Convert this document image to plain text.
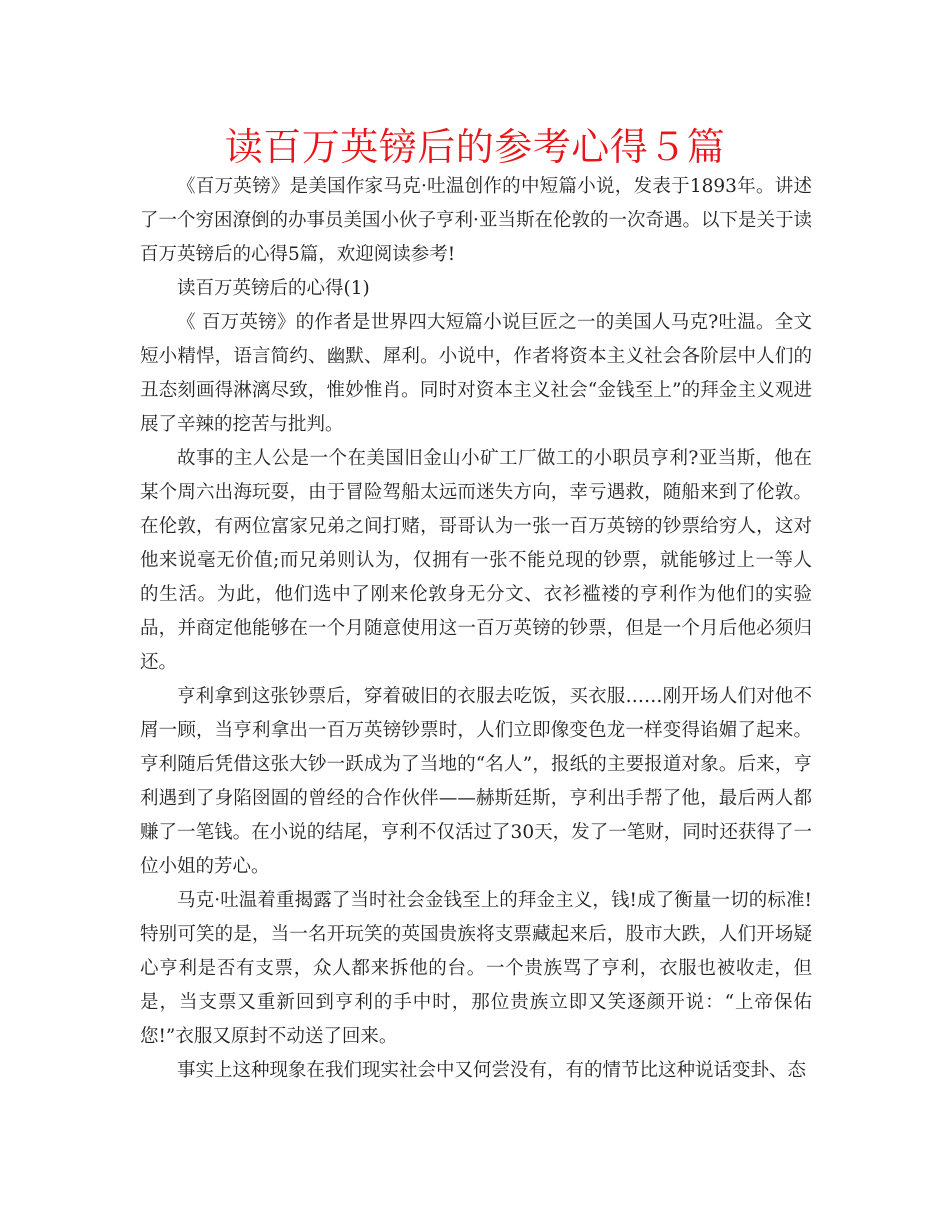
读百万英镑后的参考心得５篇

《百万英镑》是美国作家马克·吐温创作的中短篇小说，发表于1893年。讲述了一个穷困潦倒的办事员美国小伙子亨利·亚当斯在伦敦的一次奇遇。以下是关于读百万英镑后的心得5篇，欢迎阅读参考!

读百万英镑后的心得(1)

《 百万英镑》的作者是世界四大短篇小说巨匠之一的美国人马克?吐温。全文短小精悍，语言简约、幽默、犀利。小说中，作者将资本主义社会各阶层中人们的丑态刻画得淋漓尽致，惟妙惟肖。同时对资本主义社会“金钱至上”的拜金主义观进展了辛辣的挖苦与批判。

故事的主人公是一个在美国旧金山小矿工厂做工的小职员亨利?亚当斯，他在某个周六出海玩耍，由于冒险驾船太远而迷失方向，幸亏遇救，随船来到了伦敦。在伦敦，有两位富家兄弟之间打赌，哥哥认为一张一百万英镑的钞票给穷人，这对他来说毫无价值;而兄弟则认为，仅拥有一张不能兑现的钞票，就能够过上一等人的生活。为此，他们选中了刚来伦敦身无分文、衣衫褴褛的亨利作为他们的实验品，并商定他能够在一个月随意使用这一百万英镑的钞票，但是一个月后他必须归还。

亨利拿到这张钞票后，穿着破旧的衣服去吃饭，买衣服……刚开场人们对他不屑一顾，当亨利拿出一百万英镑钞票时，人们立即像变色龙一样变得谄媚了起来。亨利随后凭借这张大钞一跃成为了当地的“名人”，报纸的主要报道对象。后来，亨利遇到了身陷囹圄的曾经的合作伙伴——赫斯廷斯，亨利出手帮了他，最后两人都赚了一笔钱。在小说的结尾，亨利不仅活过了30天，发了一笔财，同时还获得了一位小姐的芳心。

马克·吐温着重揭露了当时社会金钱至上的拜金主义，钱!成了衡量一切的标准!特别可笑的是，当一名开玩笑的英国贵族将支票藏起来后，股市大跌，人们开场疑心亨利是否有支票，众人都来拆他的台。一个贵族骂了亨利，衣服也被收走，但是，当支票又重新回到亨利的手中时，那位贵族立即又笑逐颜开说：“上帝保佑您!”衣服又原封不动送了回来。

事实上这种现象在我们现实社会中又何尝没有，有的情节比这种说话变卦、态
